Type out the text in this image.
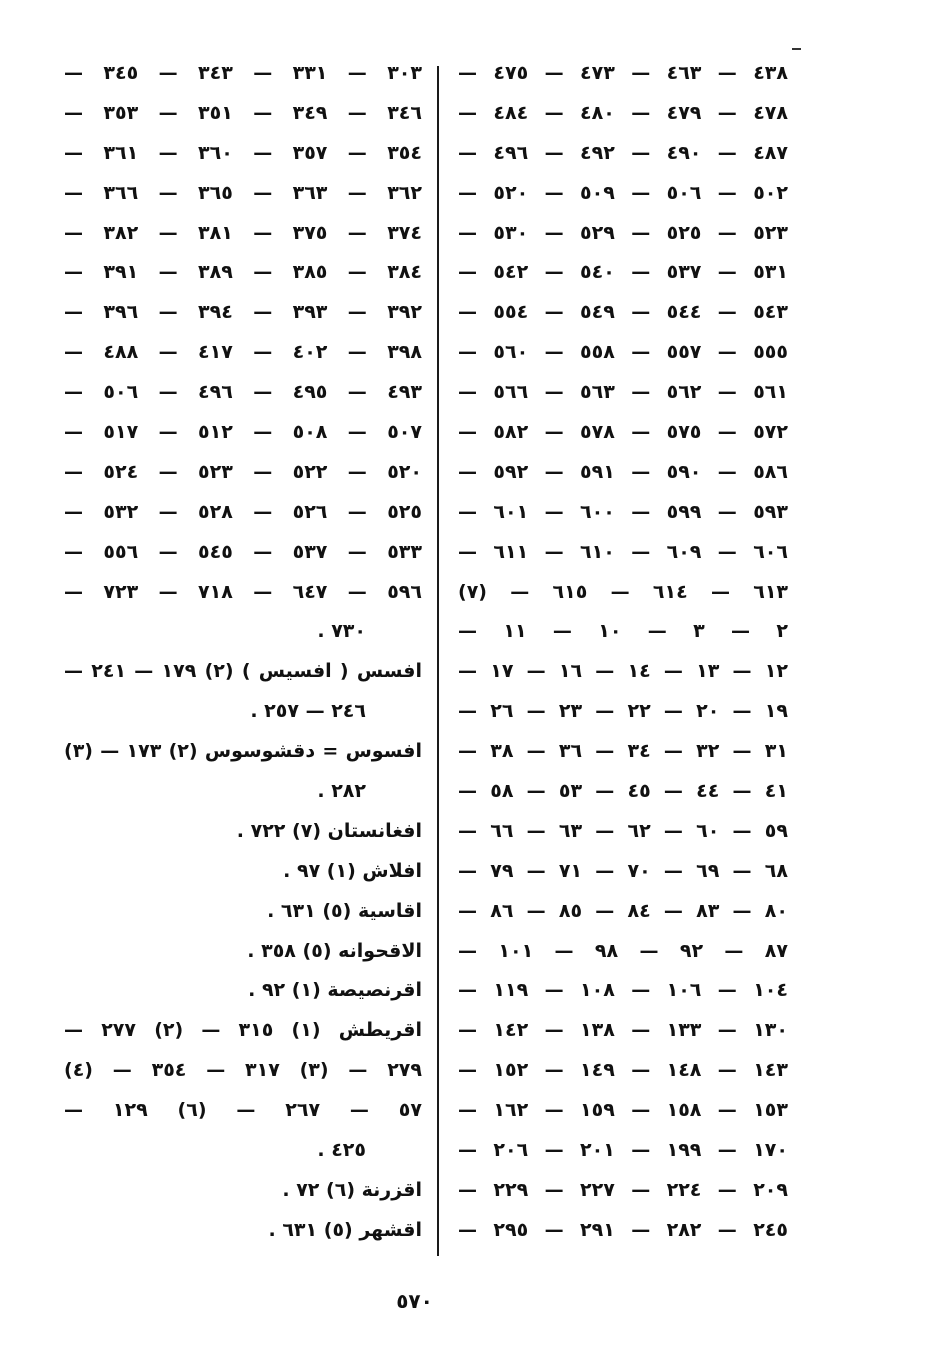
٤٣٨ — ٤٦٣ — ٤٧٣ — ٤٧٥ —
٤٧٨ — ٤٧٩ — ٤٨٠ — ٤٨٤ —
٤٨٧ — ٤٩٠ — ٤٩٢ — ٤٩٦ —
٥٠٢ — ٥٠٦ — ٥٠٩ — ٥٢٠ —
٥٢٣ — ٥٢٥ — ٥٢٩ — ٥٣٠ —
٥٣١ — ٥٣٧ — ٥٤٠ — ٥٤٢ —
٥٤٣ — ٥٤٤ — ٥٤٩ — ٥٥٤ —
٥٥٥ — ٥٥٧ — ٥٥٨ — ٥٦٠ —
٥٦١ — ٥٦٢ — ٥٦٣ — ٥٦٦ —
٥٧٢ — ٥٧٥ — ٥٧٨ — ٥٨٢ —
٥٨٦ — ٥٩٠ — ٥٩١ — ٥٩٢ —
٥٩٣ — ٥٩٩ — ٦٠٠ — ٦٠١ —
٦٠٦ — ٦٠٩ — ٦١٠ — ٦١١ —
٦١٣ — ٦١٤ — ٦١٥ — (٧)
٢ — ٣ — ١٠ — ١١ —
١٢ — ١٣ — ١٤ — ١٦ — ١٧ —
١٩ — ٢٠ — ٢٢ — ٢٣ — ٢٦ —
٣١ — ٣٢ — ٣٤ — ٣٦ — ٣٨ —
٤١ — ٤٤ — ٤٥ — ٥٣ — ٥٨ —
٥٩ — ٦٠ — ٦٢ — ٦٣ — ٦٦ —
٦٨ — ٦٩ — ٧٠ — ٧١ — ٧٩ —
٨٠ — ٨٣ — ٨٤ — ٨٥ — ٨٦ —
٨٧ — ٩٢ — ٩٨ — ١٠١ —
١٠٤ — ١٠٦ — ١٠٨ — ١١٩ —
١٣٠ — ١٣٣ — ١٣٨ — ١٤٢ —
١٤٣ — ١٤٨ — ١٤٩ — ١٥٢ —
١٥٣ — ١٥٨ — ١٥٩ — ١٦٢ —
١٧٠ — ١٩٩ — ٢٠١ — ٢٠٦ —
٢٠٩ — ٢٢٤ — ٢٢٧ — ٢٢٩ —
٢٤٥ — ٢٨٢ — ٢٩١ — ٢٩٥ —
٣٠٣ — ٣٣١ — ٣٤٣ — ٣٤٥ —
٣٤٦ — ٣٤٩ — ٣٥١ — ٣٥٣ —
٣٥٤ — ٣٥٧ — ٣٦٠ — ٣٦١ —
٣٦٢ — ٣٦٣ — ٣٦٥ — ٣٦٦ —
٣٧٤ — ٣٧٥ — ٣٨١ — ٣٨٢ —
٣٨٤ — ٣٨٥ — ٣٨٩ — ٣٩١ —
٣٩٢ — ٣٩٣ — ٣٩٤ — ٣٩٦ —
٣٩٨ — ٤٠٢ — ٤١٧ — ٤٨٨ —
٤٩٣ — ٤٩٥ — ٤٩٦ — ٥٠٦ —
٥٠٧ — ٥٠٨ — ٥١٢ — ٥١٧ —
٥٢٠ — ٥٢٢ — ٥٢٣ — ٥٢٤ —
٥٢٥ — ٥٢٦ — ٥٢٨ — ٥٣٢ —
٥٣٣ — ٥٣٧ — ٥٤٥ — ٥٥٦ —
٥٩٦ — ٦٤٧ — ٧١٨ — ٧٢٣ —
٧٣٠ .
افسس ( افسيس ) (٢) ١٧٩ — ٢٤١ —
٢٤٦ — ٢٥٧ .
افسوس = دقشوسوس (٢) ١٧٣ — (٣)
٢٨٢ .
افغانستان (٧) ٧٢٢ .
افلاش (١) ٩٧ .
اقاسية (٥) ٦٣١ .
الاقحوانه (٥) ٣٥٨ .
اقرنصيصة (١) ٩٢ .
اقريطش (١) ٣١٥ — (٢) ٢٧٧ —
٢٧٩ — (٣) ٣١٧ — ٣٥٤ — (٤)
٥٧ — ٢٦٧ — (٦) ١٢٩ —
٤٢٥ .
اقزرنة (٦) ٧٢ .
اقشهر (٥) ٦٣١ .
٥٧٠
